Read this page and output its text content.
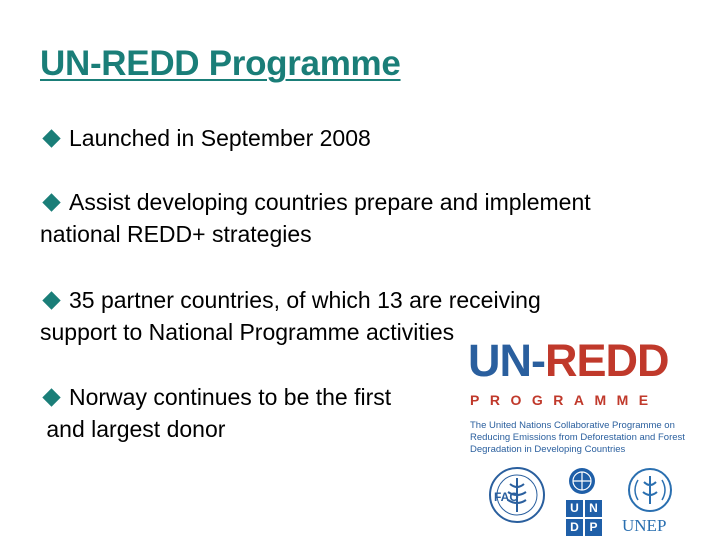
UN-REDD Programme
Launched in September 2008
Assist developing countries prepare and implement
national REDD+ strategies
35 partner countries, of which 13 are receiving
support to National Programme activities
Norway continues to be the first
and largest donor
UN-REDD
PROGRAMME
The United Nations Collaborative Programme on Reducing Emissions from Deforestation and Forest Degradation in Developing Countries
FAO
U N
D P UNEP
